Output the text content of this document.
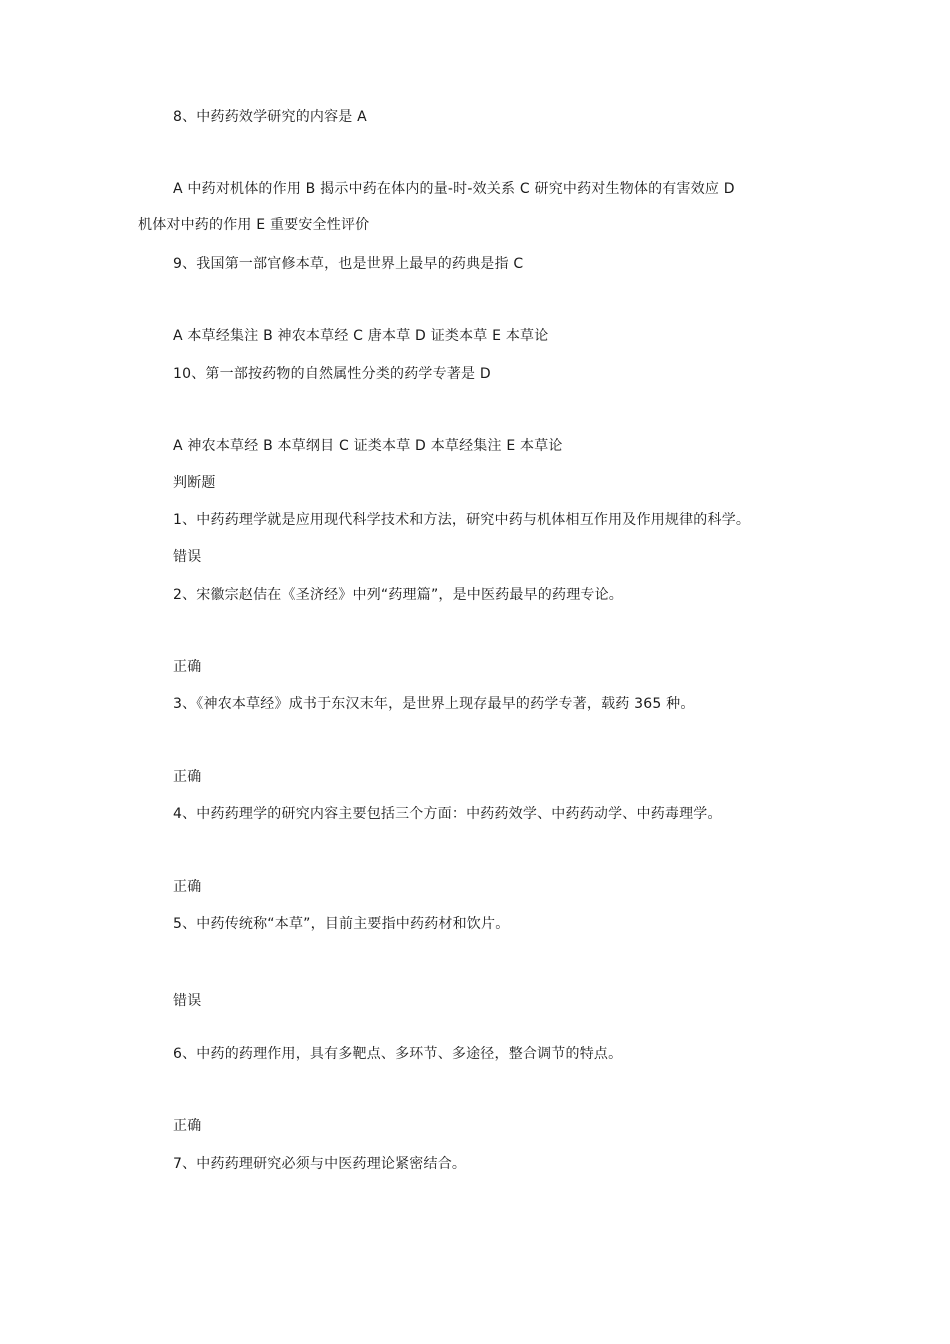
8、中药药效学研究的内容是 A
A 中药对机体的作用 B 揭示中药在体内的量-时-效关系 C 研究中药对生物体的有害效应 D
机体对中药的作用 E 重要安全性评价
9、我国第一部官修本草，也是世界上最早的药典是指 C
A 本草经集注 B 神农本草经 C 唐本草 D 证类本草 E 本草论
10、第一部按药物的自然属性分类的药学专著是 D
A 神农本草经 B 本草纲目 C 证类本草 D 本草经集注 E 本草论
判断题
1、中药药理学就是应用现代科学技术和方法，研究中药与机体相互作用及作用规律的科学。
错误
2、宋徽宗赵佶在《圣济经》中列“药理篇”，是中医药最早的药理专论。
正确
3、《神农本草经》成书于东汉末年，是世界上现存最早的药学专著，载药 365 种。
正确
4、中药药理学的研究内容主要包括三个方面：中药药效学、中药药动学、中药毒理学。
正确
5、中药传统称“本草”，目前主要指中药药材和饮片。
错误
6、中药的药理作用，具有多靶点、多环节、多途径，整合调节的特点。
正确
7、中药药理研究必须与中医药理论紧密结合。
